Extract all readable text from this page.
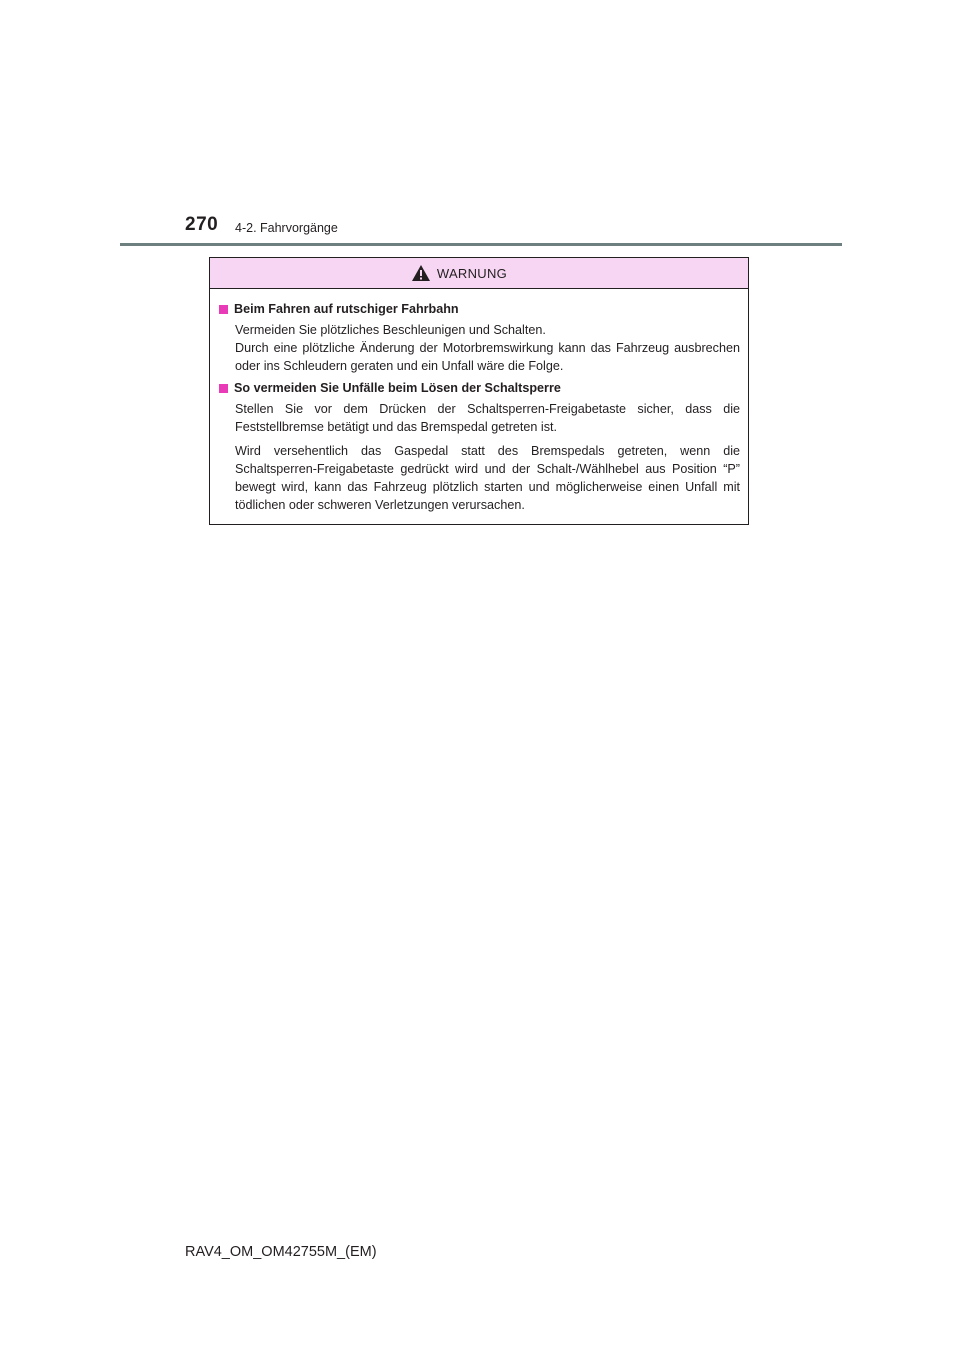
270 4-2. Fahrvorgänge
WARNUNG
Beim Fahren auf rutschiger Fahrbahn
Vermeiden Sie plötzliches Beschleunigen und Schalten.
Durch eine plötzliche Änderung der Motorbremswirkung kann das Fahrzeug ausbrechen oder ins Schleudern geraten und ein Unfall wäre die Folge.
So vermeiden Sie Unfälle beim Lösen der Schaltsperre
Stellen Sie vor dem Drücken der Schaltsperren-Freigabetaste sicher, dass die Feststellbremse betätigt und das Bremspedal getreten ist.
Wird versehentlich das Gaspedal statt des Bremspedals getreten, wenn die Schaltsperren-Freigabetaste gedrückt wird und der Schalt-/Wählhebel aus Position “P” bewegt wird, kann das Fahrzeug plötzlich starten und möglicherweise einen Unfall mit tödlichen oder schweren Verletzungen verursachen.
RAV4_OM_OM42755M_(EM)
